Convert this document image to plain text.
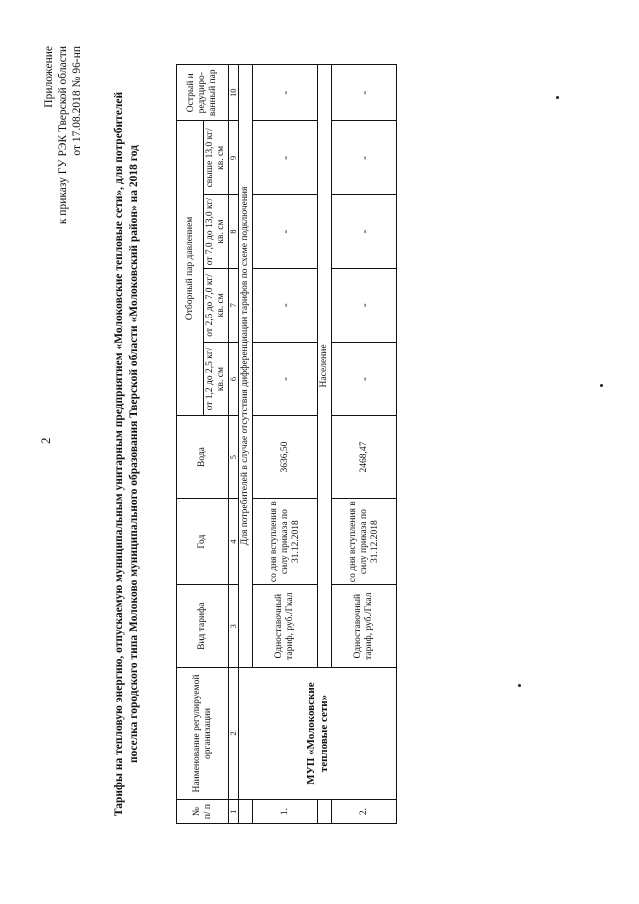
2
Приложение к приказу ГУ РЭК Тверской области от 17.08.2018 № 96-нп	Тарифы на тепловую энергию, отпускаемую муниципальным унитарным предприятием «Молоковские тепловые сети», для потребителей поселка городского типа Молоково муниципального образования Тверской области «Молоковский район» на 2018 год
№ п/ п	Наименование регулируемой организации	Вид тарифа	Год	Вода	Отборный пар давлением				Острый и редуциро-ванный пар
					от 1,2 до 2,5 кг/кв. см	от 2,5 до 7,0 кг/кв. см	от 7,0 до 13,0 кг/кв. см	свыше 13,0 кг/кв. см	
1	2	3	4	5	6	7	8	9	10
	МУП «Молоковские тепловые сети»	Для потребителей в случае отсутствия дифференциации тарифов по схеме подключения							
1.		Одноставочный тариф, руб./Гкал	со дня вступления в силу приказа по 31.12.2018	3636,50	-	-	-	-	-
		Население							
2.		Одноставочный тариф, руб./Гкал	со дня вступления в силу приказа по 31.12.2018	2468,47	-	-	-	-	-
